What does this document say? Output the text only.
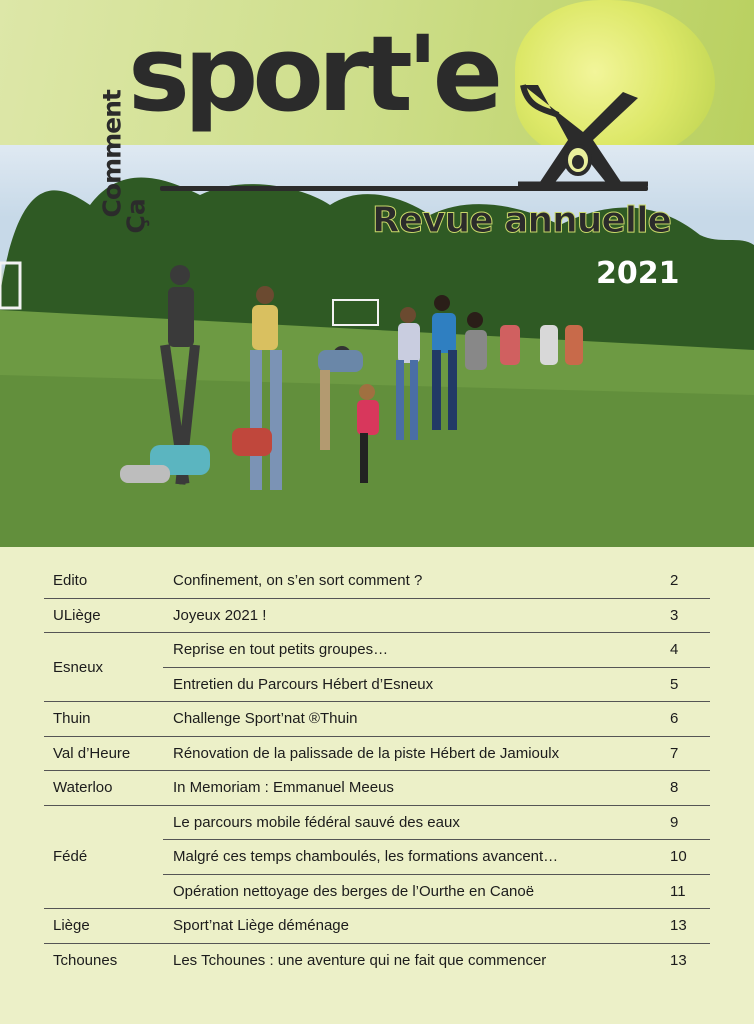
Comment
Ça
sport'e
Revue annuelle
2021
Edito	Confinement, on s’en sort comment ?	2
ULiège	Joyeux 2021 !	3
Esneux	Reprise en tout petits groupes…	4
	Entretien du Parcours Hébert d’Esneux	5
Thuin	Challenge Sport’nat ®Thuin	6
Val d’Heure	Rénovation de la palissade de la piste Hébert de Jamioulx	7
Waterloo	In Memoriam : Emmanuel Meeus	8
Fédé	Le parcours mobile fédéral sauvé des eaux	9
	Malgré ces temps chamboulés, les formations avancent…	10
	Opération nettoyage des berges de l’Ourthe en Canoë	11
Liège	Sport’nat Liège déménage	13
Tchounes	Les Tchounes : une aventure qui ne fait que commencer	13
